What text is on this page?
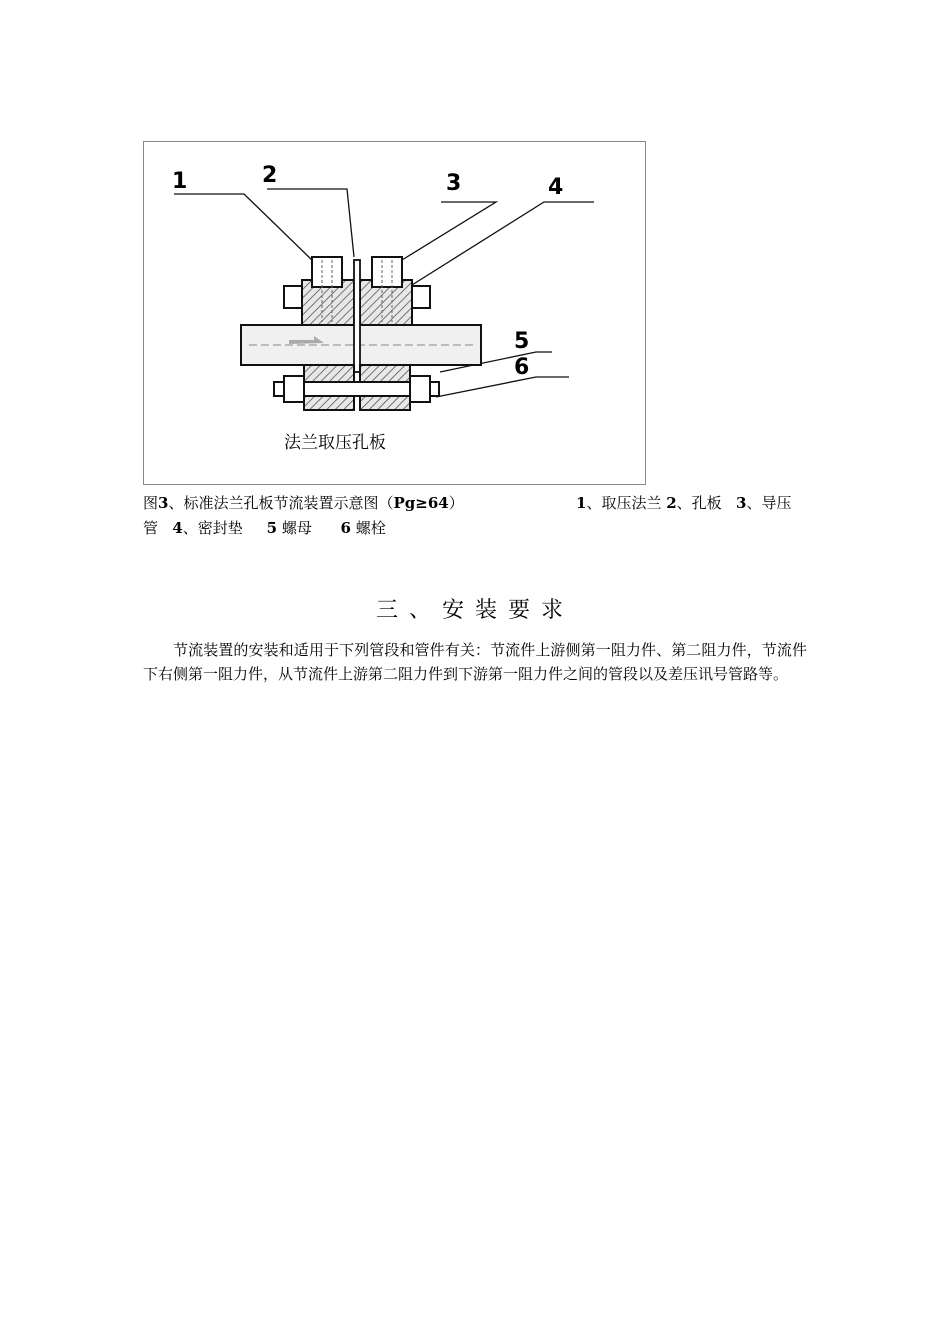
1	2	3	4
5
6
法兰取压孔板
图3、标准法兰孔板节流装置示意图（Pg≥64）	1、取压法兰 2、孔板 3、导压
管 4、密封垫 5 螺母 6 螺栓
三、安装要求
节流装置的安装和适用于下列管段和管件有关：节流件上游侧第一阻力件、第二阻力件，节流件下右侧第一阻力件，从节流件上游第二阻力件到下游第一阻力件之间的管段以及差压讯号管路等。
